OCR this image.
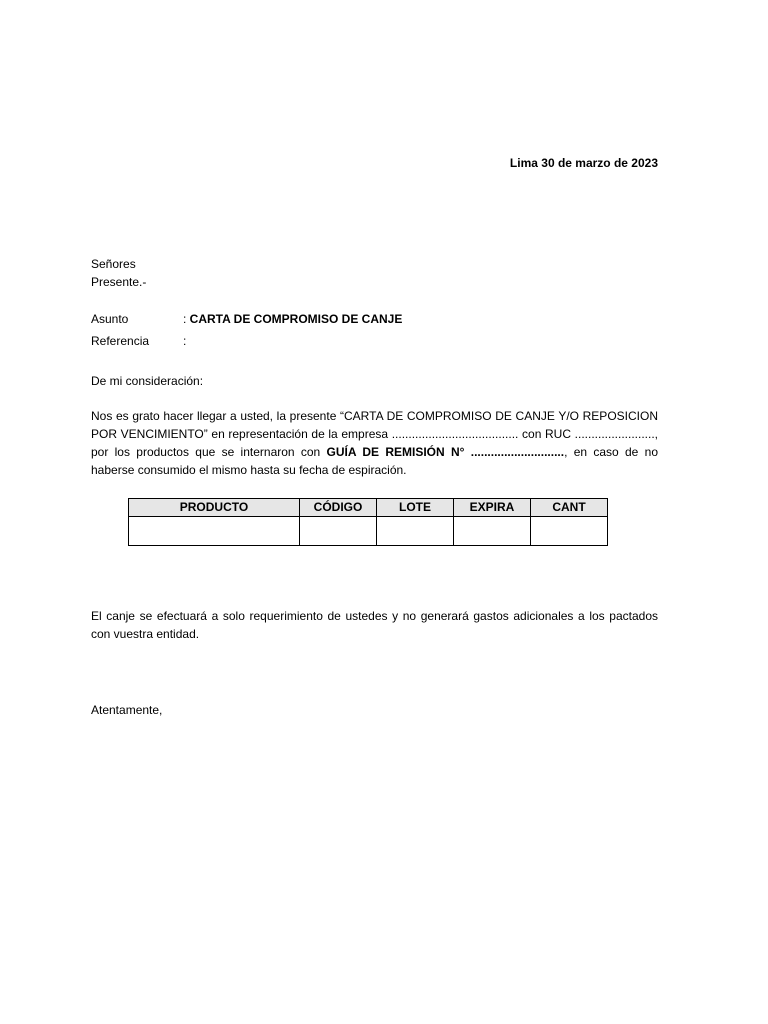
Lima 30 de marzo de 2023
Señores
Presente.-
Asunto	: CARTA DE COMPROMISO DE CANJE
Referencia	:
De mi consideración:
Nos es grato hacer llegar a usted, la presente “CARTA DE COMPROMISO DE CANJE Y/O REPOSICION
POR VENCIMIENTO” en representación de la empresa ...................................... con RUC ........................,
por los productos que se internaron con GUÍA DE REMISIÓN N° ............................, en caso de no
haberse consumido el mismo hasta su fecha de espiración.
PRODUCTO	CÓDIGO	LOTE	EXPIRA	CANT

El canje se efectuará a solo requerimiento de ustedes y no generará gastos adicionales a los pactados
con vuestra entidad.
Atentamente,
